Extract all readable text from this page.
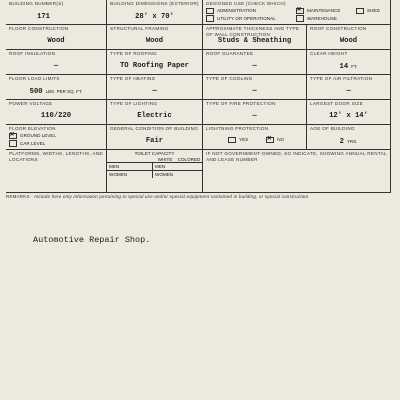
BUILDING NUMBER(S)
171
BUILDING DIMENSIONS (EXTERIOR)
28' x 70'
DESIGNED USE (CHECK WHICH)
ADMINISTRATION
UTILITY OR OPERATIONAL
✕
MAINTENANCE
WAREHOUSE
SHED
FLOOR CONSTRUCTION
Wood
STRUCTURAL FRAMING
Wood
APPROXIMATE THICKNESS AND TYPE OF WALL CONSTRUCTION
Studs & Sheathing
ROOF CONSTRUCTION
Wood
ROOF INSULATION
—
TYPE OF ROOFING
TO Roofing Paper
ROOF GUARANTEE
—
CLEAR HEIGHT
14 FT.
FLOOR LOAD LIMITS
500 LBS. PER SQ. FT.
TYPE OF HEATING
—
TYPE OF COOLING
—
TYPE OF AIR FILTRATION
—
POWER VOLTAGE
110/220
TYPE OF LIGHTING
Electric
TYPE OF FIRE PROTECTION
—
LARGEST DOOR SIZE
12' x 14'
FLOOR ELEVATION
✕
GROUND LEVEL
CAR LEVEL
GENERAL CONDITION OF BUILDING
Fair
LIGHTNING PROTECTION
YES
✕	NO
AGE OF BUILDING
2 YRS.
PLATFORMS, WIDTHS, LENGTHS, AND LOCATIONS
TOILET CAPACITY
WHITE	COLORED
MEN	MEN
WOMEN	WOMEN
IF NOT GOVERNMENT-OWNED, SO INDICATE, SHOWING ANNUAL RENTAL AND LEASE NUMBER
REMARKS - Include here only information pertaining to special use and/or special equipment contained in building, or special construction
Automotive Repair Shop.
